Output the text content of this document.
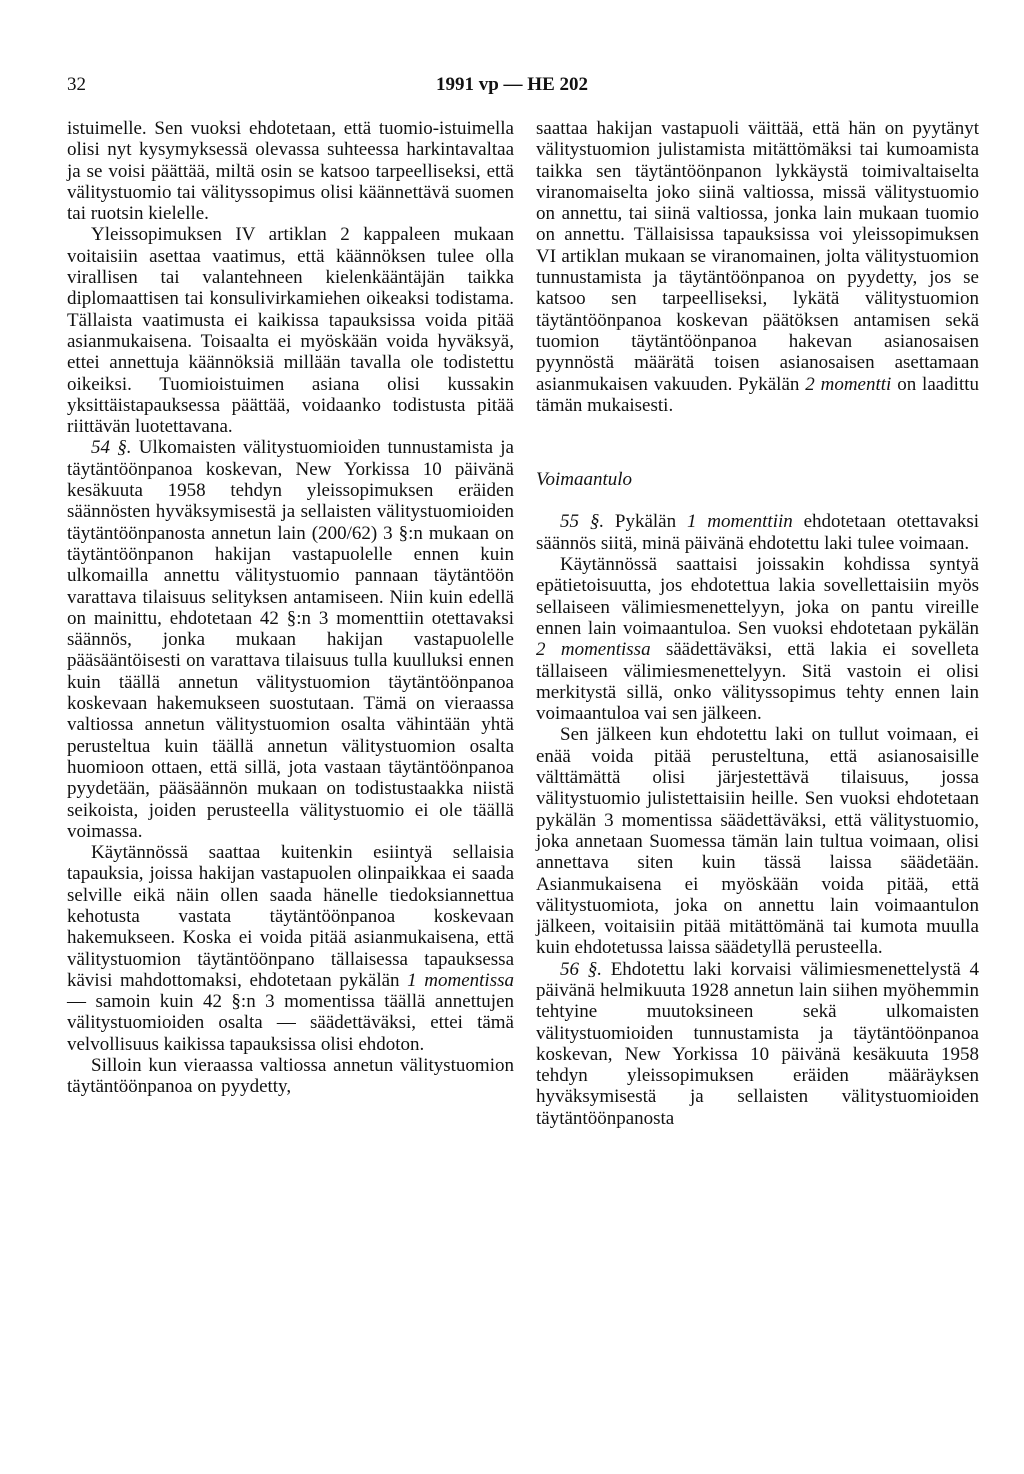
32	1991 vp — HE 202

istuimelle. Sen vuoksi ehdotetaan, että tuomio-istuimella olisi nyt kysymyksessä olevassa suhteessa harkintavaltaa ja se voisi päättää, miltä osin se katsoo tarpeelliseksi, että välitystuomio tai välityssopimus olisi käännettävä suomen tai ruotsin kielelle.

Yleissopimuksen IV artiklan 2 kappaleen mukaan voitaisiin asettaa vaatimus, että käännöksen tulee olla virallisen tai valantehneen kielenkääntäjän taikka diplomaattisen tai konsulivirkamiehen oikeaksi todistama. Tällaista vaatimusta ei kaikissa tapauksissa voida pitää asianmukaisena. Toisaalta ei myöskään voida hyväksyä, ettei annettuja käännöksiä millään tavalla ole todistettu oikeiksi. Tuomioistuimen asiana olisi kussakin yksittäistapauksessa päättää, voidaanko todistusta pitää riittävän luotettavana.

54 §. Ulkomaisten välitystuomioiden tunnustamista ja täytäntöönpanoa koskevan, New Yorkissa 10 päivänä kesäkuuta 1958 tehdyn yleissopimuksen eräiden säännösten hyväksymisestä ja sellaisten välitystuomioiden täytäntöönpanosta annetun lain (200/62) 3 §:n mukaan on täytäntöönpanon hakijan vastapuolelle ennen kuin ulkomailla annettu välitystuomio pannaan täytäntöön varattava tilaisuus selityksen antamiseen. Niin kuin edellä on mainittu, ehdotetaan 42 §:n 3 momenttiin otettavaksi säännös, jonka mukaan hakijan vastapuolelle pääsääntöisesti on varattava tilaisuus tulla kuulluksi ennen kuin täällä annetun välitystuomion täytäntöönpanoa koskevaan hakemukseen suostutaan. Tämä on vieraassa valtiossa annetun välitystuomion osalta vähintään yhtä perusteltua kuin täällä annetun välitystuomion osalta huomioon ottaen, että sillä, jota vastaan täytäntöönpanoa pyydetään, pääsäännön mukaan on todistustaakka niistä seikoista, joiden perusteella välitystuomio ei ole täällä voimassa.

Käytännössä saattaa kuitenkin esiintyä sellaisia tapauksia, joissa hakijan vastapuolen olinpaikkaa ei saada selville eikä näin ollen saada hänelle tiedoksiannettua kehotusta vastata täytäntöönpanoa koskevaan hakemukseen. Koska ei voida pitää asianmukaisena, että välitystuomion täytäntöönpano tällaisessa tapauksessa kävisi mahdottomaksi, ehdotetaan pykälän 1 momentissa — samoin kuin 42 §:n 3 momentissa täällä annettujen välitystuomioiden osalta — säädettäväksi, ettei tämä velvollisuus kaikissa tapauksissa olisi ehdoton.

Silloin kun vieraassa valtiossa annetun välitystuomion täytäntöönpanoa on pyydetty,

saattaa hakijan vastapuoli väittää, että hän on pyytänyt välitystuomion julistamista mitättömäksi tai kumoamista taikka sen täytäntöönpanon lykkäystä toimivaltaiselta viranomaiselta joko siinä valtiossa, missä välitystuomio on annettu, tai siinä valtiossa, jonka lain mukaan tuomio on annettu. Tällaisissa tapauksissa voi yleissopimuksen VI artiklan mukaan se viranomainen, jolta välitystuomion tunnustamista ja täytäntöönpanoa on pyydetty, jos se katsoo sen tarpeelliseksi, lykätä välitystuomion täytäntöönpanoa koskevan päätöksen antamisen sekä tuomion täytäntöönpanoa hakevan asianosaisen pyynnöstä määrätä toisen asianosaisen asettamaan asianmukaisen vakuuden. Pykälän 2 momentti on laadittu tämän mukaisesti.

Voimaantulo

55 §. Pykälän 1 momenttiin ehdotetaan otettavaksi säännös siitä, minä päivänä ehdotettu laki tulee voimaan.

Käytännössä saattaisi joissakin kohdissa syntyä epätietoisuutta, jos ehdotettua lakia sovellettaisiin myös sellaiseen välimiesmenettelyyn, joka on pantu vireille ennen lain voimaantuloa. Sen vuoksi ehdotetaan pykälän 2 momentissa säädettäväksi, että lakia ei sovelleta tällaiseen välimiesmenettelyyn. Sitä vastoin ei olisi merkitystä sillä, onko välityssopimus tehty ennen lain voimaantuloa vai sen jälkeen.

Sen jälkeen kun ehdotettu laki on tullut voimaan, ei enää voida pitää perusteltuna, että asianosaisille välttämättä olisi järjestettävä tilaisuus, jossa välitystuomio julistettaisiin heille. Sen vuoksi ehdotetaan pykälän 3 momentissa säädettäväksi, että välitystuomio, joka annetaan Suomessa tämän lain tultua voimaan, olisi annettava siten kuin tässä laissa säädetään. Asianmukaisena ei myöskään voida pitää, että välitystuomiota, joka on annettu lain voimaantulon jälkeen, voitaisiin pitää mitättömänä tai kumota muulla kuin ehdotetussa laissa säädetyllä perusteella.

56 §. Ehdotettu laki korvaisi välimiesmenettelystä 4 päivänä helmikuuta 1928 annetun lain siihen myöhemmin tehtyine muutoksineen sekä ulkomaisten välitystuomioiden tunnustamista ja täytäntöönpanoa koskevan, New Yorkissa 10 päivänä kesäkuuta 1958 tehdyn yleissopimuksen eräiden määräyksen hyväksymisestä ja sellaisten välitystuomioiden täytäntöönpanosta
